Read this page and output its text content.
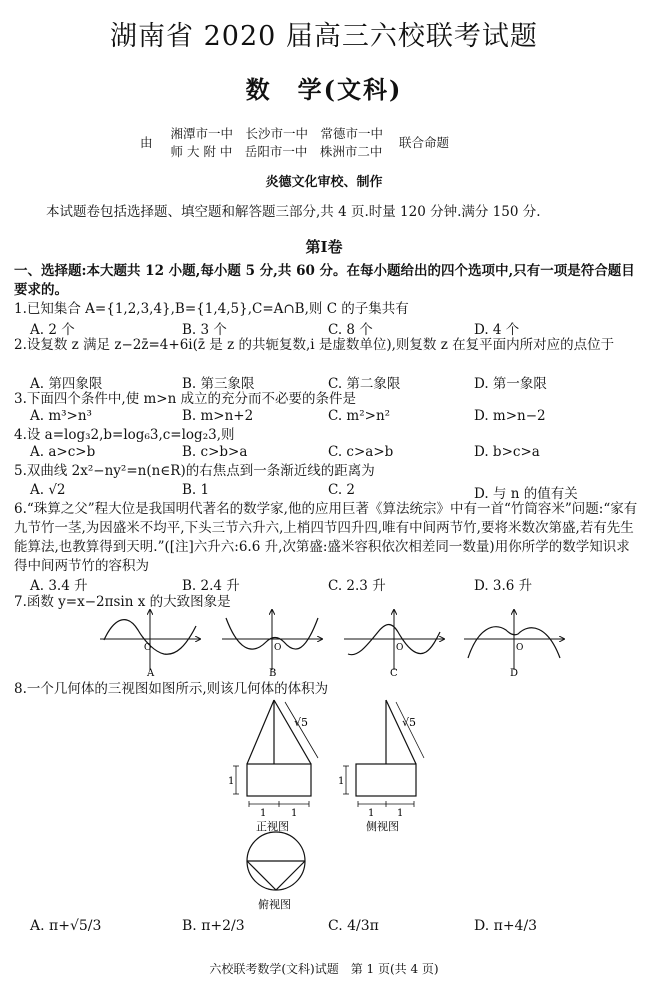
湖南省 2020 届高三六校联考试题
数　学(文科)
由
湘潭市一中　长沙市一中　常德市一中
师 大 附 中　岳阳市一中　株洲市二中
联合命题
炎德文化审校、制作
本试题卷包括选择题、填空题和解答题三部分,共 4 页.时量 120 分钟.满分 150 分.
第Ⅰ卷
一、选择题:本大题共 12 小题,每小题 5 分,共 60 分。在每小题给出的四个选项中,只有一项是符合题目要求的。
1.已知集合 A={1,2,3,4},B={1,4,5},C=A∩B,则 C 的子集共有
A. 2 个	B. 3 个	C. 8 个	D. 4 个
2.设复数 z 满足 z−2z̄=4+6i(z̄ 是 z 的共轭复数,i 是虚数单位),则复数 z 在复平面内所对应的点位于
A. 第四象限	B. 第三象限	C. 第二象限	D. 第一象限
3.下面四个条件中,使 m>n 成立的充分而不必要的条件是
A. m³>n³	B. m>n+2	C. m²>n²	D. m>n−2
4.设 a=log₃2,b=log₆3,c=log₂3,则
A. a>c>b	B. c>b>a	C. c>a>b	D. b>c>a
5.双曲线 2x²−ny²=n(n∈R)的右焦点到一条渐近线的距离为
A. √2	B. 1	C. 2	D. 与 n 的值有关
6.“珠算之父”程大位是我国明代著名的数学家,他的应用巨著《算法统宗》中有一首“竹筒容米”问题:“家有九节竹一茎,为因盛米不均平,下头三节六升六,上梢四节四升四,唯有中间两节竹,要将米数次第盛,若有先生能算法,也教算得到天明.”([注]六升六:6.6 升,次第盛:盛米容积依次相差同一数量)用你所学的数学知识求得中间两节竹的容积为
A. 3.4 升	B. 2.4 升	C. 2.3 升	D. 3.6 升
7.函数 y=x−2πsin x 的大致图象是
O
A
O
B
O
C
O
D
8.一个几何体的三视图如图所示,则该几何体的体积为
√5
1
1 1
正视图
√5
1
1 1
侧视图
俯视图
A. π+√5/3	B. π+2/3	C. 4/3π	D. π+4/3
六校联考数学(文科)试题　第 1 页(共 4 页)
